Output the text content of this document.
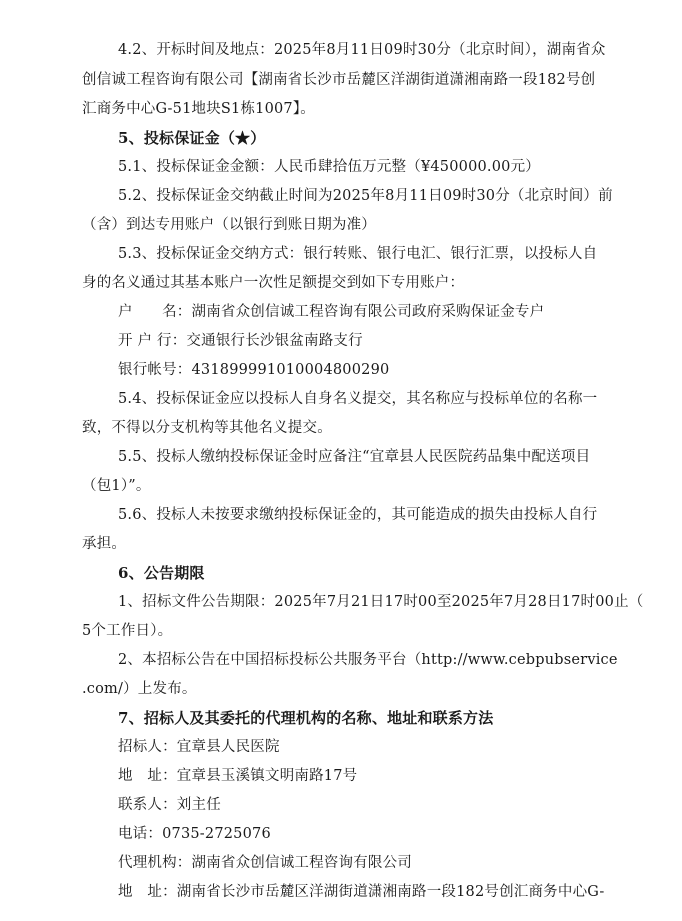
4.2、开标时间及地点：2025年8月11日09时30分（北京时间），湖南省众
创信诚工程咨询有限公司【湖南省长沙市岳麓区洋湖街道潇湘南路一段182号创
汇商务中心G-51地块S1栋1007】。
5、投标保证金（★）
5.1、投标保证金金额：人民币肆拾伍万元整（¥450000.00元）
5.2、投标保证金交纳截止时间为2025年8月11日09时30分（北京时间）前
（含）到达专用账户（以银行到账日期为准）
5.3、投标保证金交纳方式：银行转账、银行电汇、银行汇票，以投标人自
身的名义通过其基本账户一次性足额提交到如下专用账户：
户　　名：湖南省众创信诚工程咨询有限公司政府采购保证金专户
开 户 行：交通银行长沙银盆南路支行
银行帐号：431899991010004800290
5.4、投标保证金应以投标人自身名义提交，其名称应与投标单位的名称一
致，不得以分支机构等其他名义提交。
5.5、投标人缴纳投标保证金时应备注“宜章县人民医院药品集中配送项目
（包1）”。
5.6、投标人未按要求缴纳投标保证金的，其可能造成的损失由投标人自行
承担。
6、公告期限
1、招标文件公告期限：2025年7月21日17时00至2025年7月28日17时00止（
5个工作日）。
2、本招标公告在中国招标投标公共服务平台（http://www.cebpubservice
.com/）上发布。
7、招标人及其委托的代理机构的名称、地址和联系方法
招标人：宜章县人民医院
地　址：宜章县玉溪镇文明南路17号
联系人：刘主任
电话：0735-2725076
代理机构：湖南省众创信诚工程咨询有限公司
地　址：湖南省长沙市岳麓区洋湖街道潇湘南路一段182号创汇商务中心G-
